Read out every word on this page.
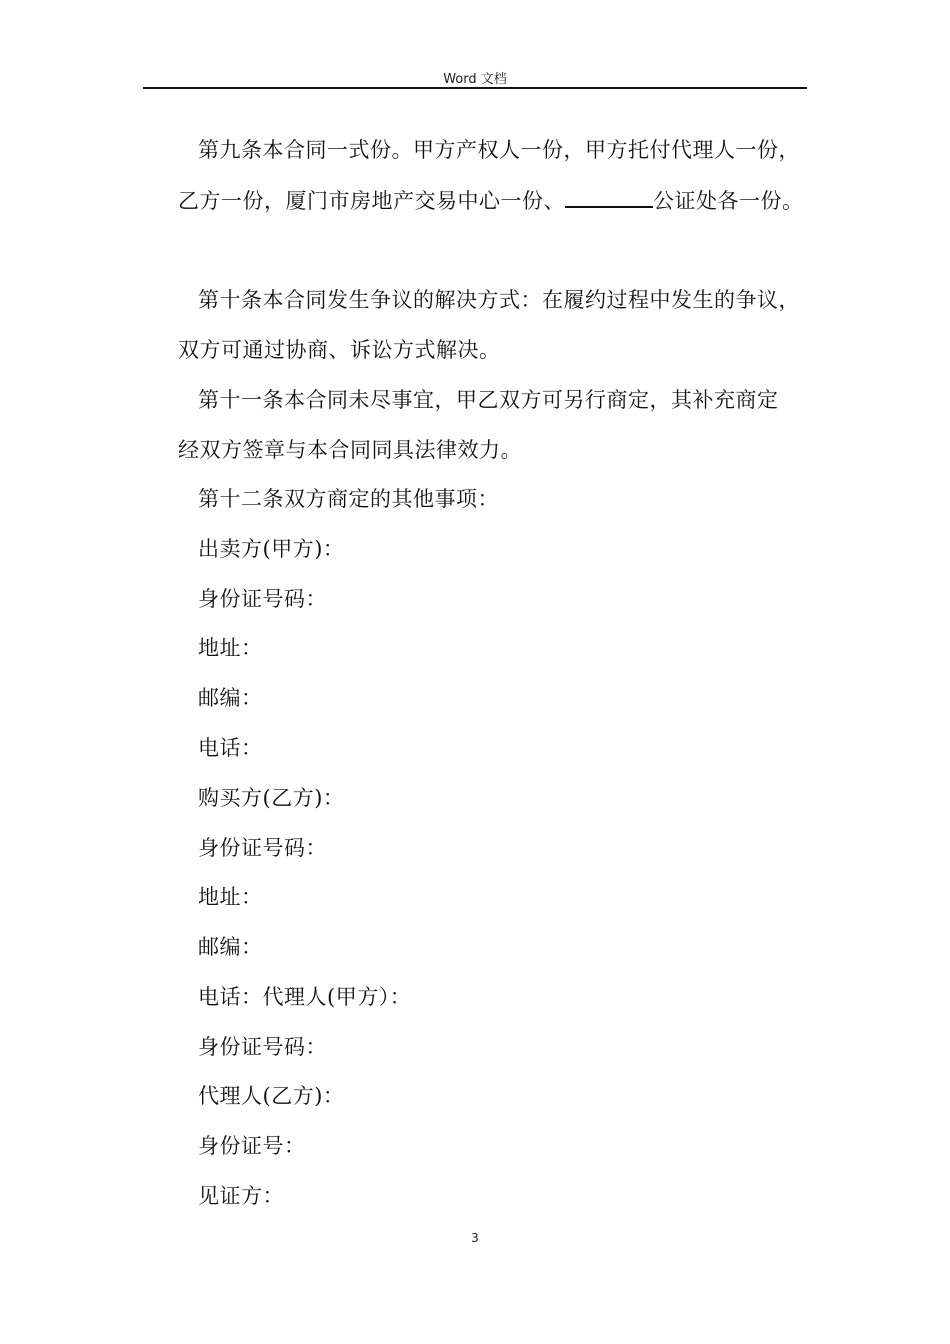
Word 文档
第九条本合同一式份。甲方产权人一份，甲方托付代理人一份，
乙方一份，厦门市房地产交易中心一份、	公证处各一份。
第十条本合同发生争议的解决方式：在履约过程中发生的争议，
双方可通过协商、诉讼方式解决。
第十一条本合同未尽事宜，甲乙双方可另行商定，其补充商定
经双方签章与本合同同具法律效力。
第十二条双方商定的其他事项：
出卖方(甲方)：
身份证号码：
地址：
邮编：
电话：
购买方(乙方)：
身份证号码：
地址：
邮编：
电话：代理人(甲方）：
身份证号码：
代理人(乙方)：
身份证号：
见证方：
3
